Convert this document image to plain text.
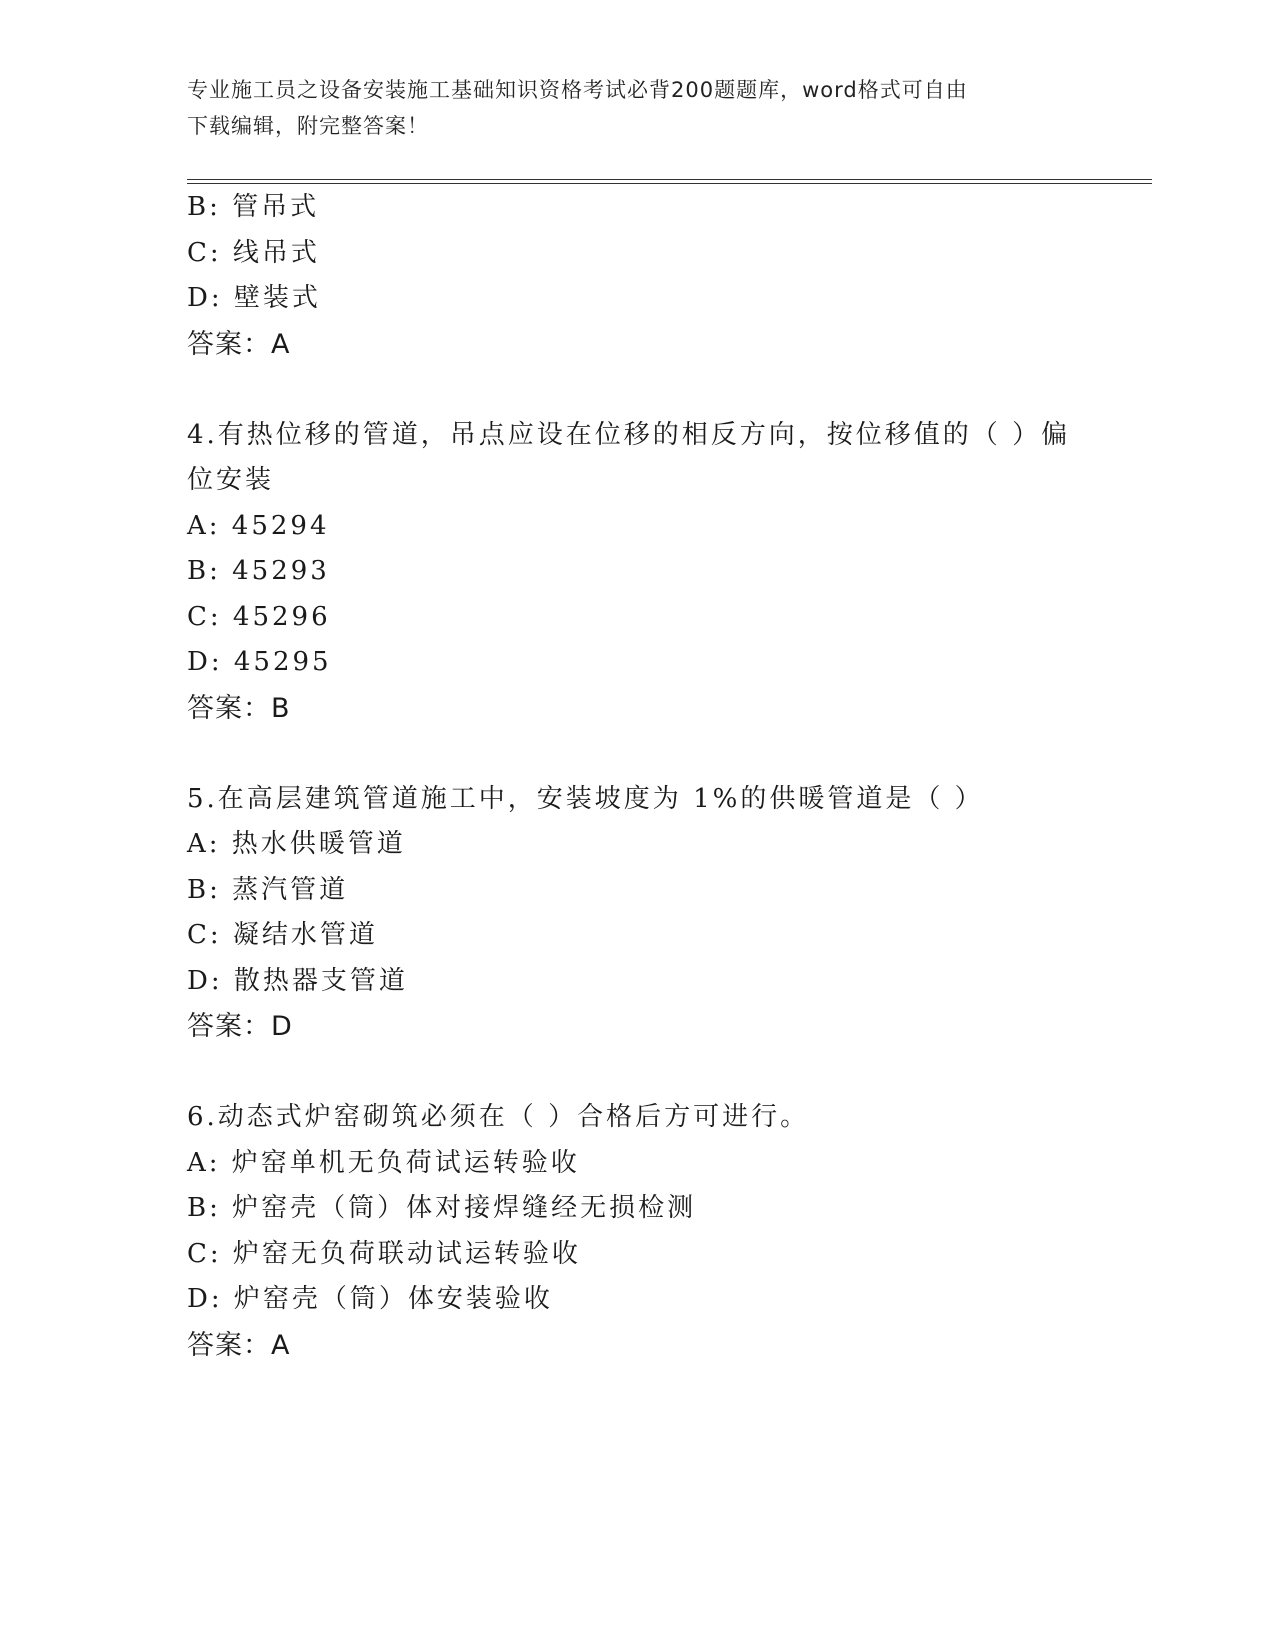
专业施工员之设备安装施工基础知识资格考试必背200题题库，word格式可自由
下载编辑，附完整答案！
B: 管吊式
C: 线吊式
D: 壁装式
答案：A
4.有热位移的管道，吊点应设在位移的相反方向，按位移值的（ ）偏
位安装
A: 45294
B: 45293
C: 45296
D: 45295
答案：B
5.在高层建筑管道施工中，安装坡度为 1%的供暖管道是（ ）
A: 热水供暖管道
B: 蒸汽管道
C: 凝结水管道
D: 散热器支管道
答案：D
6.动态式炉窑砌筑必须在（ ）合格后方可进行。
A: 炉窑单机无负荷试运转验收
B: 炉窑壳（筒）体对接焊缝经无损检测
C: 炉窑无负荷联动试运转验收
D: 炉窑壳（筒）体安装验收
答案：A
